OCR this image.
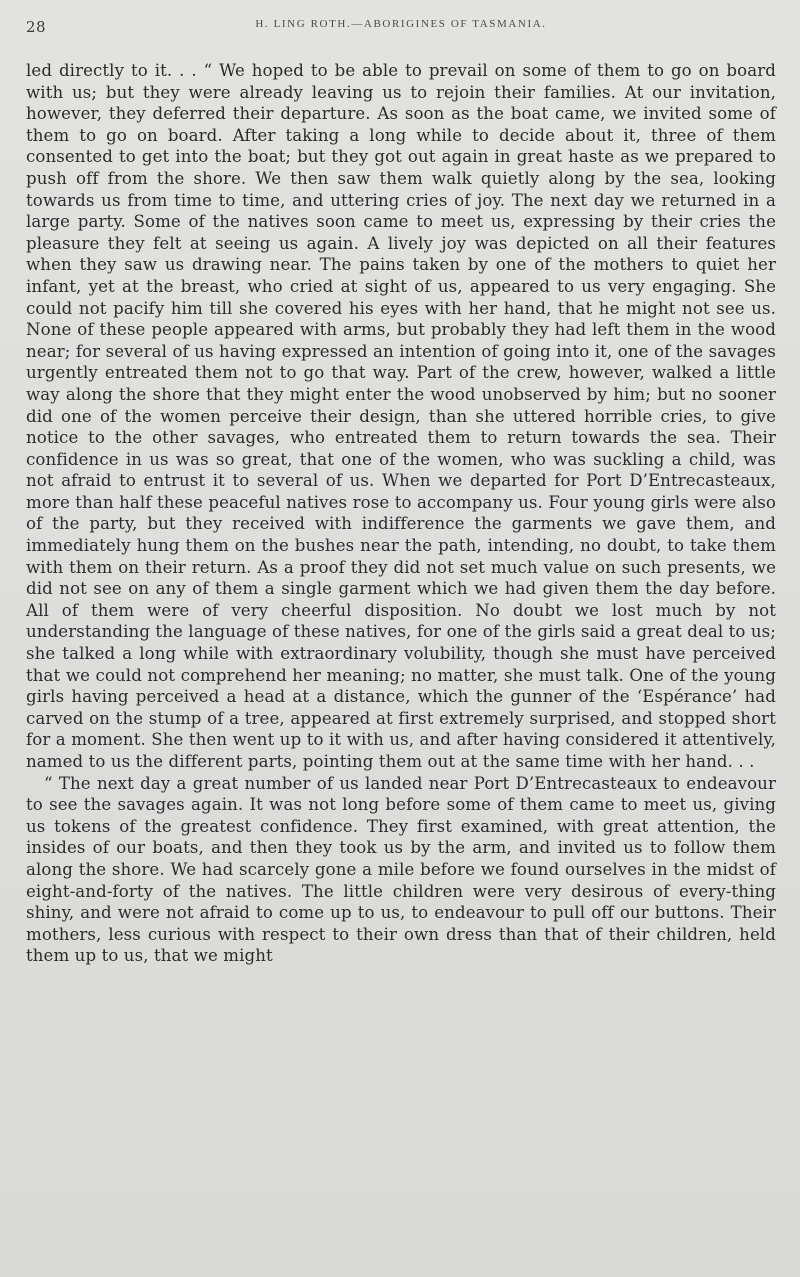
28	H. LING ROTH.—ABORIGINES OF TASMANIA.

led directly to it. . . “ We hoped to be able to prevail on some of them to go on board with us; but they were already leaving us to rejoin their families. At our invitation, however, they deferred their departure. As soon as the boat came, we invited some of them to go on board. After taking a long while to decide about it, three of them consented to get into the boat; but they got out again in great haste as we prepared to push off from the shore. We then saw them walk quietly along by the sea, looking towards us from time to time, and uttering cries of joy. The next day we returned in a large party. Some of the natives soon came to meet us, expressing by their cries the pleasure they felt at seeing us again. A lively joy was depicted on all their features when they saw us drawing near. The pains taken by one of the mothers to quiet her infant, yet at the breast, who cried at sight of us, appeared to us very engaging. She could not pacify him till she covered his eyes with her hand, that he might not see us. None of these people appeared with arms, but probably they had left them in the wood near; for several of us having expressed an intention of going into it, one of the savages urgently entreated them not to go that way. Part of the crew, however, walked a little way along the shore that they might enter the wood unobserved by him; but no sooner did one of the women perceive their design, than she uttered horrible cries, to give notice to the other savages, who entreated them to return towards the sea. Their confidence in us was so great, that one of the women, who was suckling a child, was not afraid to entrust it to several of us. When we departed for Port D’Entrecasteaux, more than half these peaceful natives rose to accompany us. Four young girls were also of the party, but they received with indifference the garments we gave them, and immediately hung them on the bushes near the path, intending, no doubt, to take them with them on their return. As a proof they did not set much value on such presents, we did not see on any of them a single garment which we had given them the day before. All of them were of very cheerful disposition. No doubt we lost much by not understanding the language of these natives, for one of the girls said a great deal to us; she talked a long while with extraordinary volubility, though she must have perceived that we could not comprehend her meaning; no matter, she must talk. One of the young girls having perceived a head at a distance, which the gunner of the ‘Espérance’ had carved on the stump of a tree, appeared at first extremely surprised, and stopped short for a moment. She then went up to it with us, and after having considered it attentively, named to us the different parts, pointing them out at the same time with her hand. . .

“ The next day a great number of us landed near Port D’Entrecasteaux to endeavour to see the savages again. It was not long before some of them came to meet us, giving us tokens of the greatest confidence. They first examined, with great attention, the insides of our boats, and then they took us by the arm, and invited us to follow them along the shore. We had scarcely gone a mile before we found ourselves in the midst of eight-and-forty of the natives. The little children were very desirous of every-thing shiny, and were not afraid to come up to us, to endeavour to pull off our buttons. Their mothers, less curious with respect to their own dress than that of their children, held them up to us, that we might
